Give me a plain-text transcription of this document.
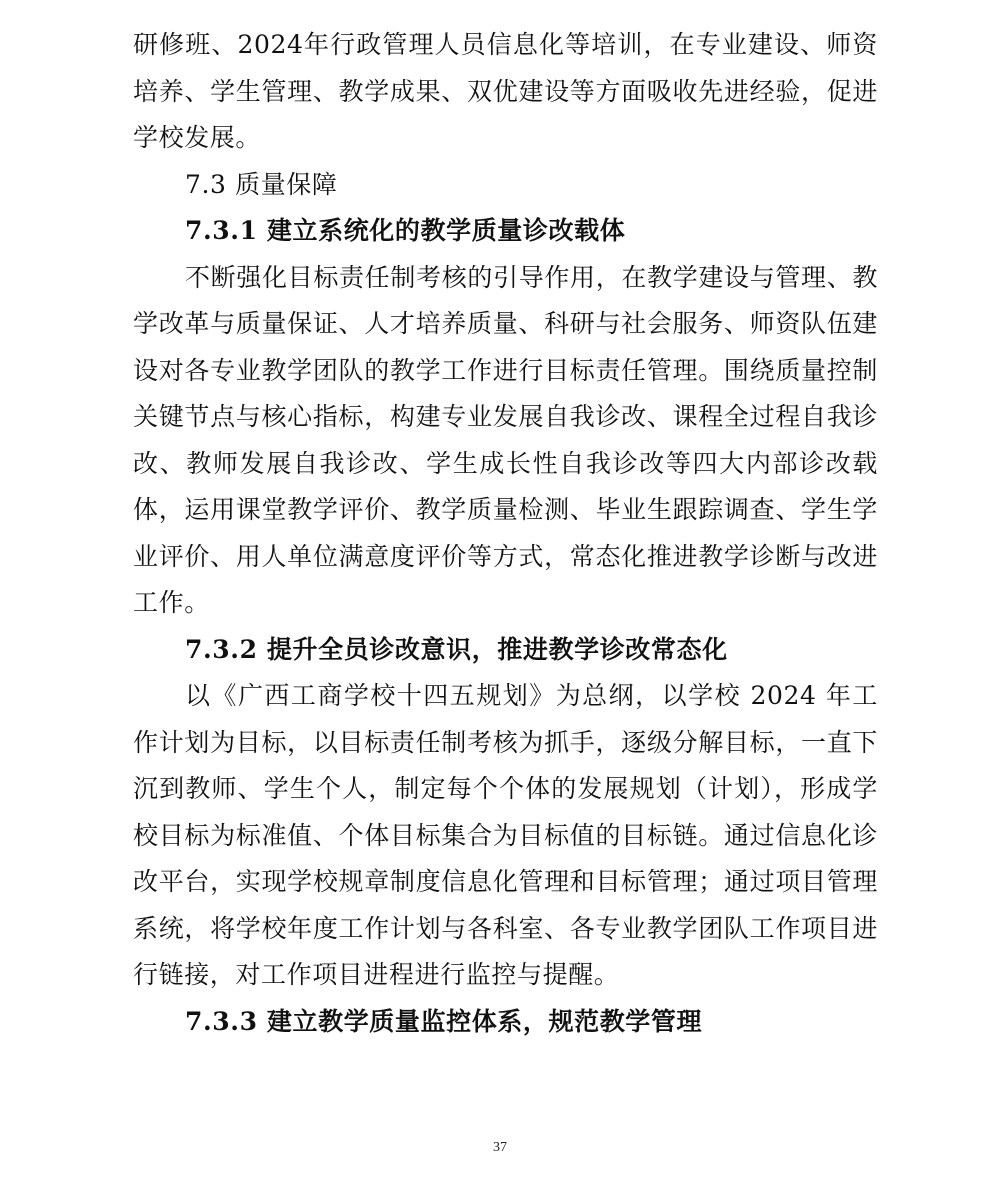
研修班、2024年行政管理人员信息化等培训，在专业建设、师资培养、学生管理、教学成果、双优建设等方面吸收先进经验，促进学校发展。

7.3 质量保障

7.3.1 建立系统化的教学质量诊改载体

不断强化目标责任制考核的引导作用，在教学建设与管理、教学改革与质量保证、人才培养质量、科研与社会服务、师资队伍建设对各专业教学团队的教学工作进行目标责任管理。围绕质量控制关键节点与核心指标，构建专业发展自我诊改、课程全过程自我诊改、教师发展自我诊改、学生成长性自我诊改等四大内部诊改载体，运用课堂教学评价、教学质量检测、毕业生跟踪调查、学生学业评价、用人单位满意度评价等方式，常态化推进教学诊断与改进工作。

7.3.2 提升全员诊改意识，推进教学诊改常态化

以《广西工商学校十四五规划》为总纲，以学校 2024 年工作计划为目标，以目标责任制考核为抓手，逐级分解目标，一直下沉到教师、学生个人，制定每个个体的发展规划（计划），形成学校目标为标准值、个体目标集合为目标值的目标链。通过信息化诊改平台，实现学校规章制度信息化管理和目标管理；通过项目管理系统，将学校年度工作计划与各科室、各专业教学团队工作项目进行链接，对工作项目进程进行监控与提醒。

7.3.3 建立教学质量监控体系，规范教学管理

37
